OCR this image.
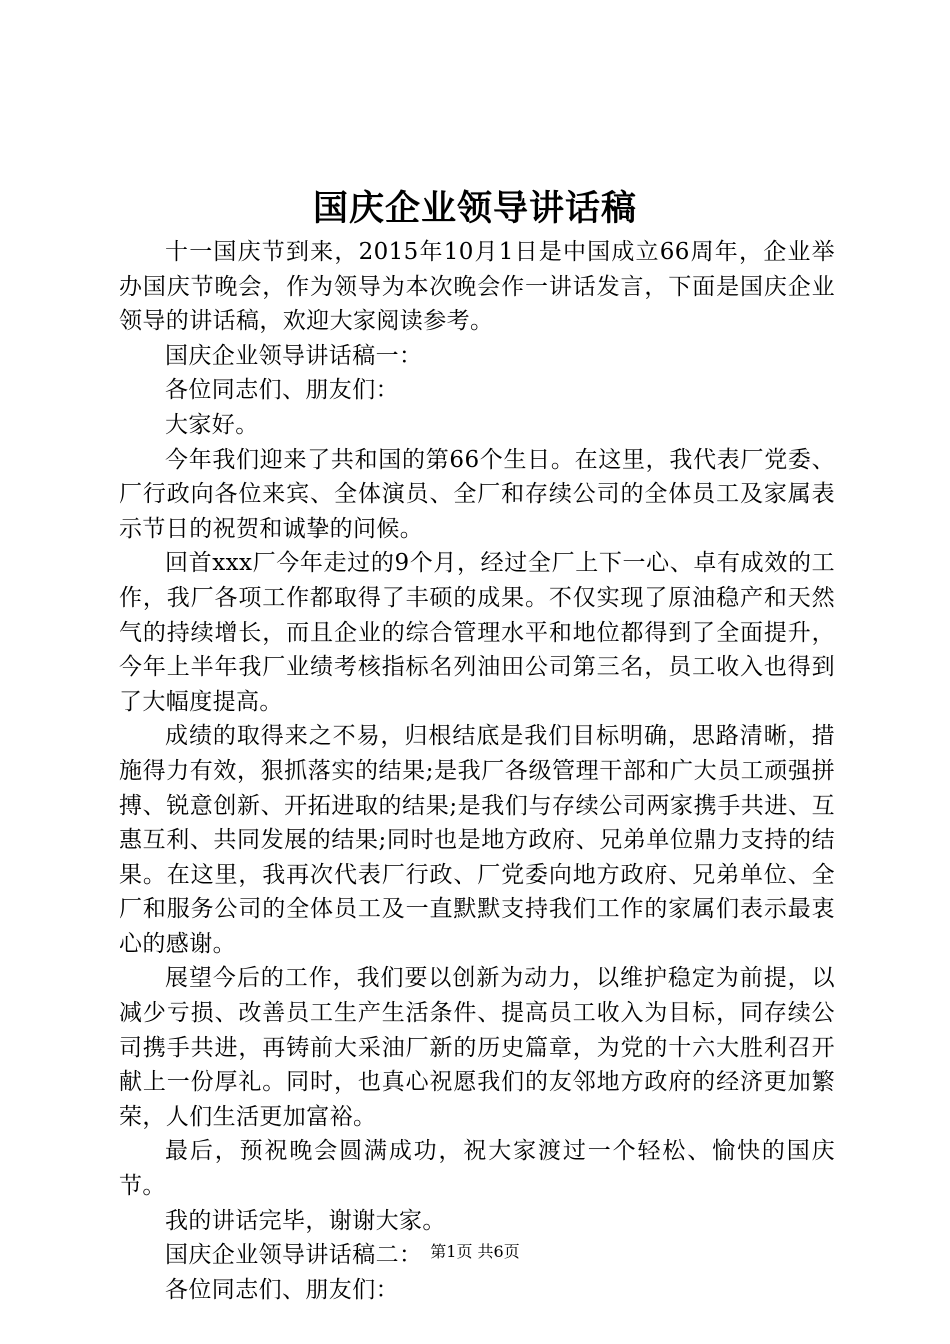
国庆企业领导讲话稿

十一国庆节到来，2015年10月1日是中国成立66周年，企业举办国庆节晚会，作为领导为本次晚会作一讲话发言，下面是国庆企业领导的讲话稿，欢迎大家阅读参考。

国庆企业领导讲话稿一：

各位同志们、朋友们：

大家好。

今年我们迎来了共和国的第66个生日。在这里，我代表厂党委、厂行政向各位来宾、全体演员、全厂和存续公司的全体员工及家属表示节日的祝贺和诚挚的问候。

回首xxx厂今年走过的9个月，经过全厂上下一心、卓有成效的工作，我厂各项工作都取得了丰硕的成果。不仅实现了原油稳产和天然气的持续增长，而且企业的综合管理水平和地位都得到了全面提升，今年上半年我厂业绩考核指标名列油田公司第三名，员工收入也得到了大幅度提高。

成绩的取得来之不易，归根结底是我们目标明确，思路清晰，措施得力有效，狠抓落实的结果;是我厂各级管理干部和广大员工顽强拼搏、锐意创新、开拓进取的结果;是我们与存续公司两家携手共进、互惠互利、共同发展的结果;同时也是地方政府、兄弟单位鼎力支持的结果。在这里，我再次代表厂行政、厂党委向地方政府、兄弟单位、全厂和服务公司的全体员工及一直默默支持我们工作的家属们表示最衷心的感谢。

展望今后的工作，我们要以创新为动力，以维护稳定为前提，以减少亏损、改善员工生产生活条件、提高员工收入为目标，同存续公司携手共进，再铸前大采油厂新的历史篇章，为党的十六大胜利召开献上一份厚礼。同时，也真心祝愿我们的友邻地方政府的经济更加繁荣，人们生活更加富裕。

最后，预祝晚会圆满成功，祝大家渡过一个轻松、愉快的国庆节。

我的讲话完毕，谢谢大家。

国庆企业领导讲话稿二：

各位同志们、朋友们：

第1页 共6页
